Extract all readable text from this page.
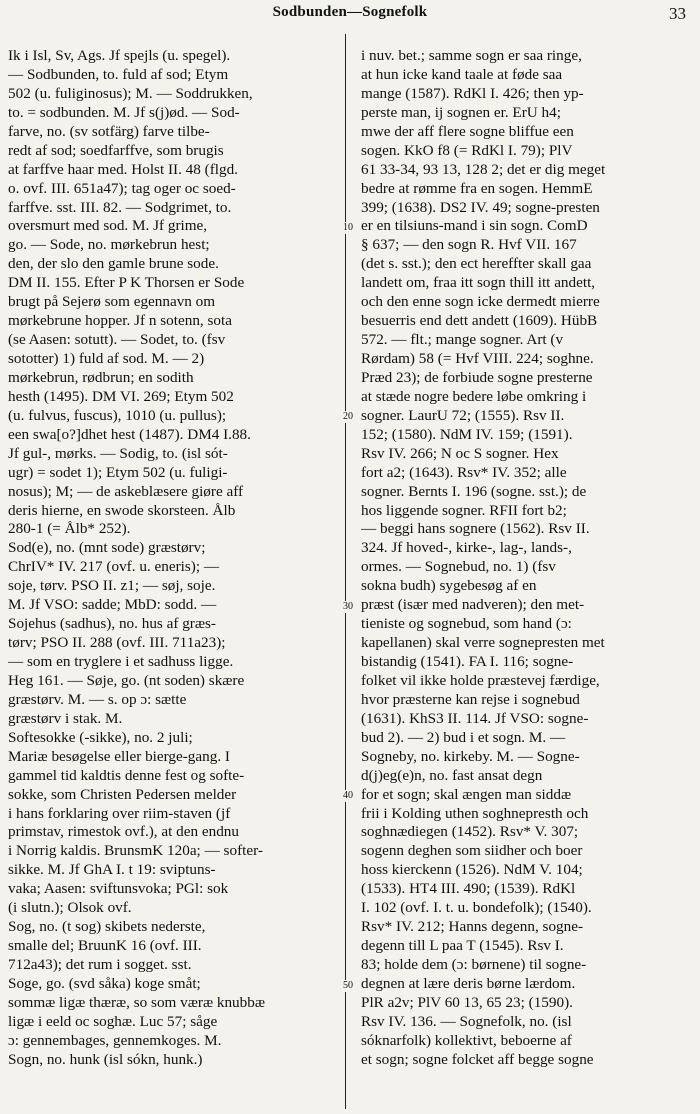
Sodbunden—Sognefolk	33
Ik i Isl, Sv, Ags. Jf spejls (u. spegel).
— Sodbunden, to. fuld af sod; Etym
502 (u. fuliginosus); M. — Soddrukken,
to. = sodbunden. M. Jf s(j)ød. — Sod-
farve, no. (sv sotfärg) farve tilbe-
redt af sod; soedfarffve, som brugis
at farffve haar med. Holst II. 48 (flgd.
o. ovf. III. 651a47); tag oger oc soed-
farffve. sst. III. 82. — Sodgrimet, to.
oversmurt med sod. M. Jf grime,
go. — Sode, no. mørkebrun hest;
den, der slo den gamle brune sode.
DM II. 155. Efter P K Thorsen er Sode
brugt på Sejerø som egennavn om
mørkebrune hopper. Jf n sotenn, sota
(se Aasen: sotutt). — Sodet, to. (fsv
sototter) 1) fuld af sod. M. — 2)
mørkebrun, rødbrun; en sodith
hesth (1495). DM VI. 269; Etym 502
(u. fulvus, fuscus), 1010 (u. pullus);
een swa[o?]dhet hest (1487). DM4 I.88.
Jf gul-, mørks. — Sodig, to. (isl sót-
ugr) = sodet 1); Etym 502 (u. fuligi-
nosus); M; — de askeblæsere giøre aff
deris hierne, en swode skorsteen. Ålb
280-1 (= Ålb* 252).
Sod(e), no. (mnt sode) græstørv;
ChrIV* IV. 217 (ovf. u. eneris); —
soje, tørv. PSO II. z1; — søj, soje.
M. Jf VSO: sadde; MbD: sodd. —
Sojehus (sadhus), no. hus af græs-
tørv; PSO II. 288 (ovf. III. 711a23);
— som en tryglere i et sadhuss ligge.
Heg 161. — Søje, go. (nt soden) skære
græstørv. M. — s. op ɔ: sætte
græstørv i stak. M.
Softesokke (-sikke), no. 2 juli;
Mariæ besøgelse eller bierge-gang. I
gammel tid kaldtis denne fest og softe-
sokke, som Christen Pedersen melder
i hans forklaring over riim-staven (jf
primstav, rimestok ovf.), at den endnu
i Norrig kaldis. BrunsmK 120a; — softer-
sikke. M. Jf GhA I. t 19: sviptuns-
vaka; Aasen: sviftunsvoka; PGl: sok
(i slutn.); Olsok ovf.
Sog, no. (t sog) skibets nederste,
smalle del; BruunK 16 (ovf. III.
712a43); det rum i sogget. sst.
Soge, go. (svd såka) koge småt;
sommæ ligæ thæræ, so som væræ knubbæ
ligæ i eeld oc soghæ. Luc 57; såge
ɔ: gennembages, gennemkoges. M.
Sogn, no. hunk (isl sókn, hunk.)
10
20
30
40
50
i nuv. bet.; samme sogn er saa ringe,
at hun icke kand taale at føde saa
mange (1587). RdKl I. 426; then yp-
perste man, ij sognen er. ErU h4;
mwe der aff flere sogne bliffue een
sogen. KkO f8 (= RdKl I. 79); PlV
61 33-34, 93 13, 128 2; det er dig meget
bedre at rømme fra en sogen. HemmE
399; (1638). DS2 IV. 49; sogne-presten
er en tilsiuns-mand i sin sogn. ComD
§ 637; — den sogn R. Hvf VII. 167
(det s. sst.); den ect hereffter skall gaa
landett om, fraa itt sogn thill itt andett,
och den enne sogn icke dermedt mierre
besuerris end dett andett (1609). HübB
572. — flt.; mange sogner. Art (v
Rørdam) 58 (= Hvf VIII. 224; soghne.
Præd 23); de forbiude sogne presterne
at stæde nogre bedere løbe omkring i
sogner. LaurU 72; (1555). Rsv II.
152; (1580). NdM IV. 159; (1591).
Rsv IV. 266; N oc S sogner. Hex
fort a2; (1643). Rsv* IV. 352; alle
sogner. Bernts I. 196 (sogne. sst.); de
hos liggende sogner. RFII fort b2;
— beggi hans sognere (1562). Rsv II.
324. Jf hoved-, kirke-, lag-, lands-,
ormes. — Sognebud, no. 1) (fsv
sokna budh) sygebesøg af en
præst (især med nadveren); den met-
tieniste og sognebud, som hand (ɔ:
kapellanen) skal verre sognepresten met
bistandig (1541). FA I. 116; sogne-
folket vil ikke holde præstevej færdige,
hvor præsterne kan rejse i sognebud
(1631). KhS3 II. 114. Jf VSO: sogne-
bud 2). — 2) bud i et sogn. M. —
Sogneby, no. kirkeby. M. — Sogne-
d(j)eg(e)n, no. fast ansat degn
for et sogn; skal ængen man siddæ
frii i Kolding uthen soghnepresth och
soghnædiegen (1452). Rsv* V. 307;
sogenn deghen som siidher och boer
hoss kierckenn (1526). NdM V. 104;
(1533). HT4 III. 490; (1539). RdKl
I. 102 (ovf. I. t. u. bondefolk); (1540).
Rsv* IV. 212; Hanns degenn, sogne-
degenn till L paa T (1545). Rsv I.
83; holde dem (ɔ: børnene) til sogne-
degnen at lære deris børne lærdom.
PlR a2v; PlV 60 13, 65 23; (1590).
Rsv IV. 136. — Sognefolk, no. (isl
sóknarfolk) kollektivt, beboerne af
et sogn; sogne folcket aff begge sogne
